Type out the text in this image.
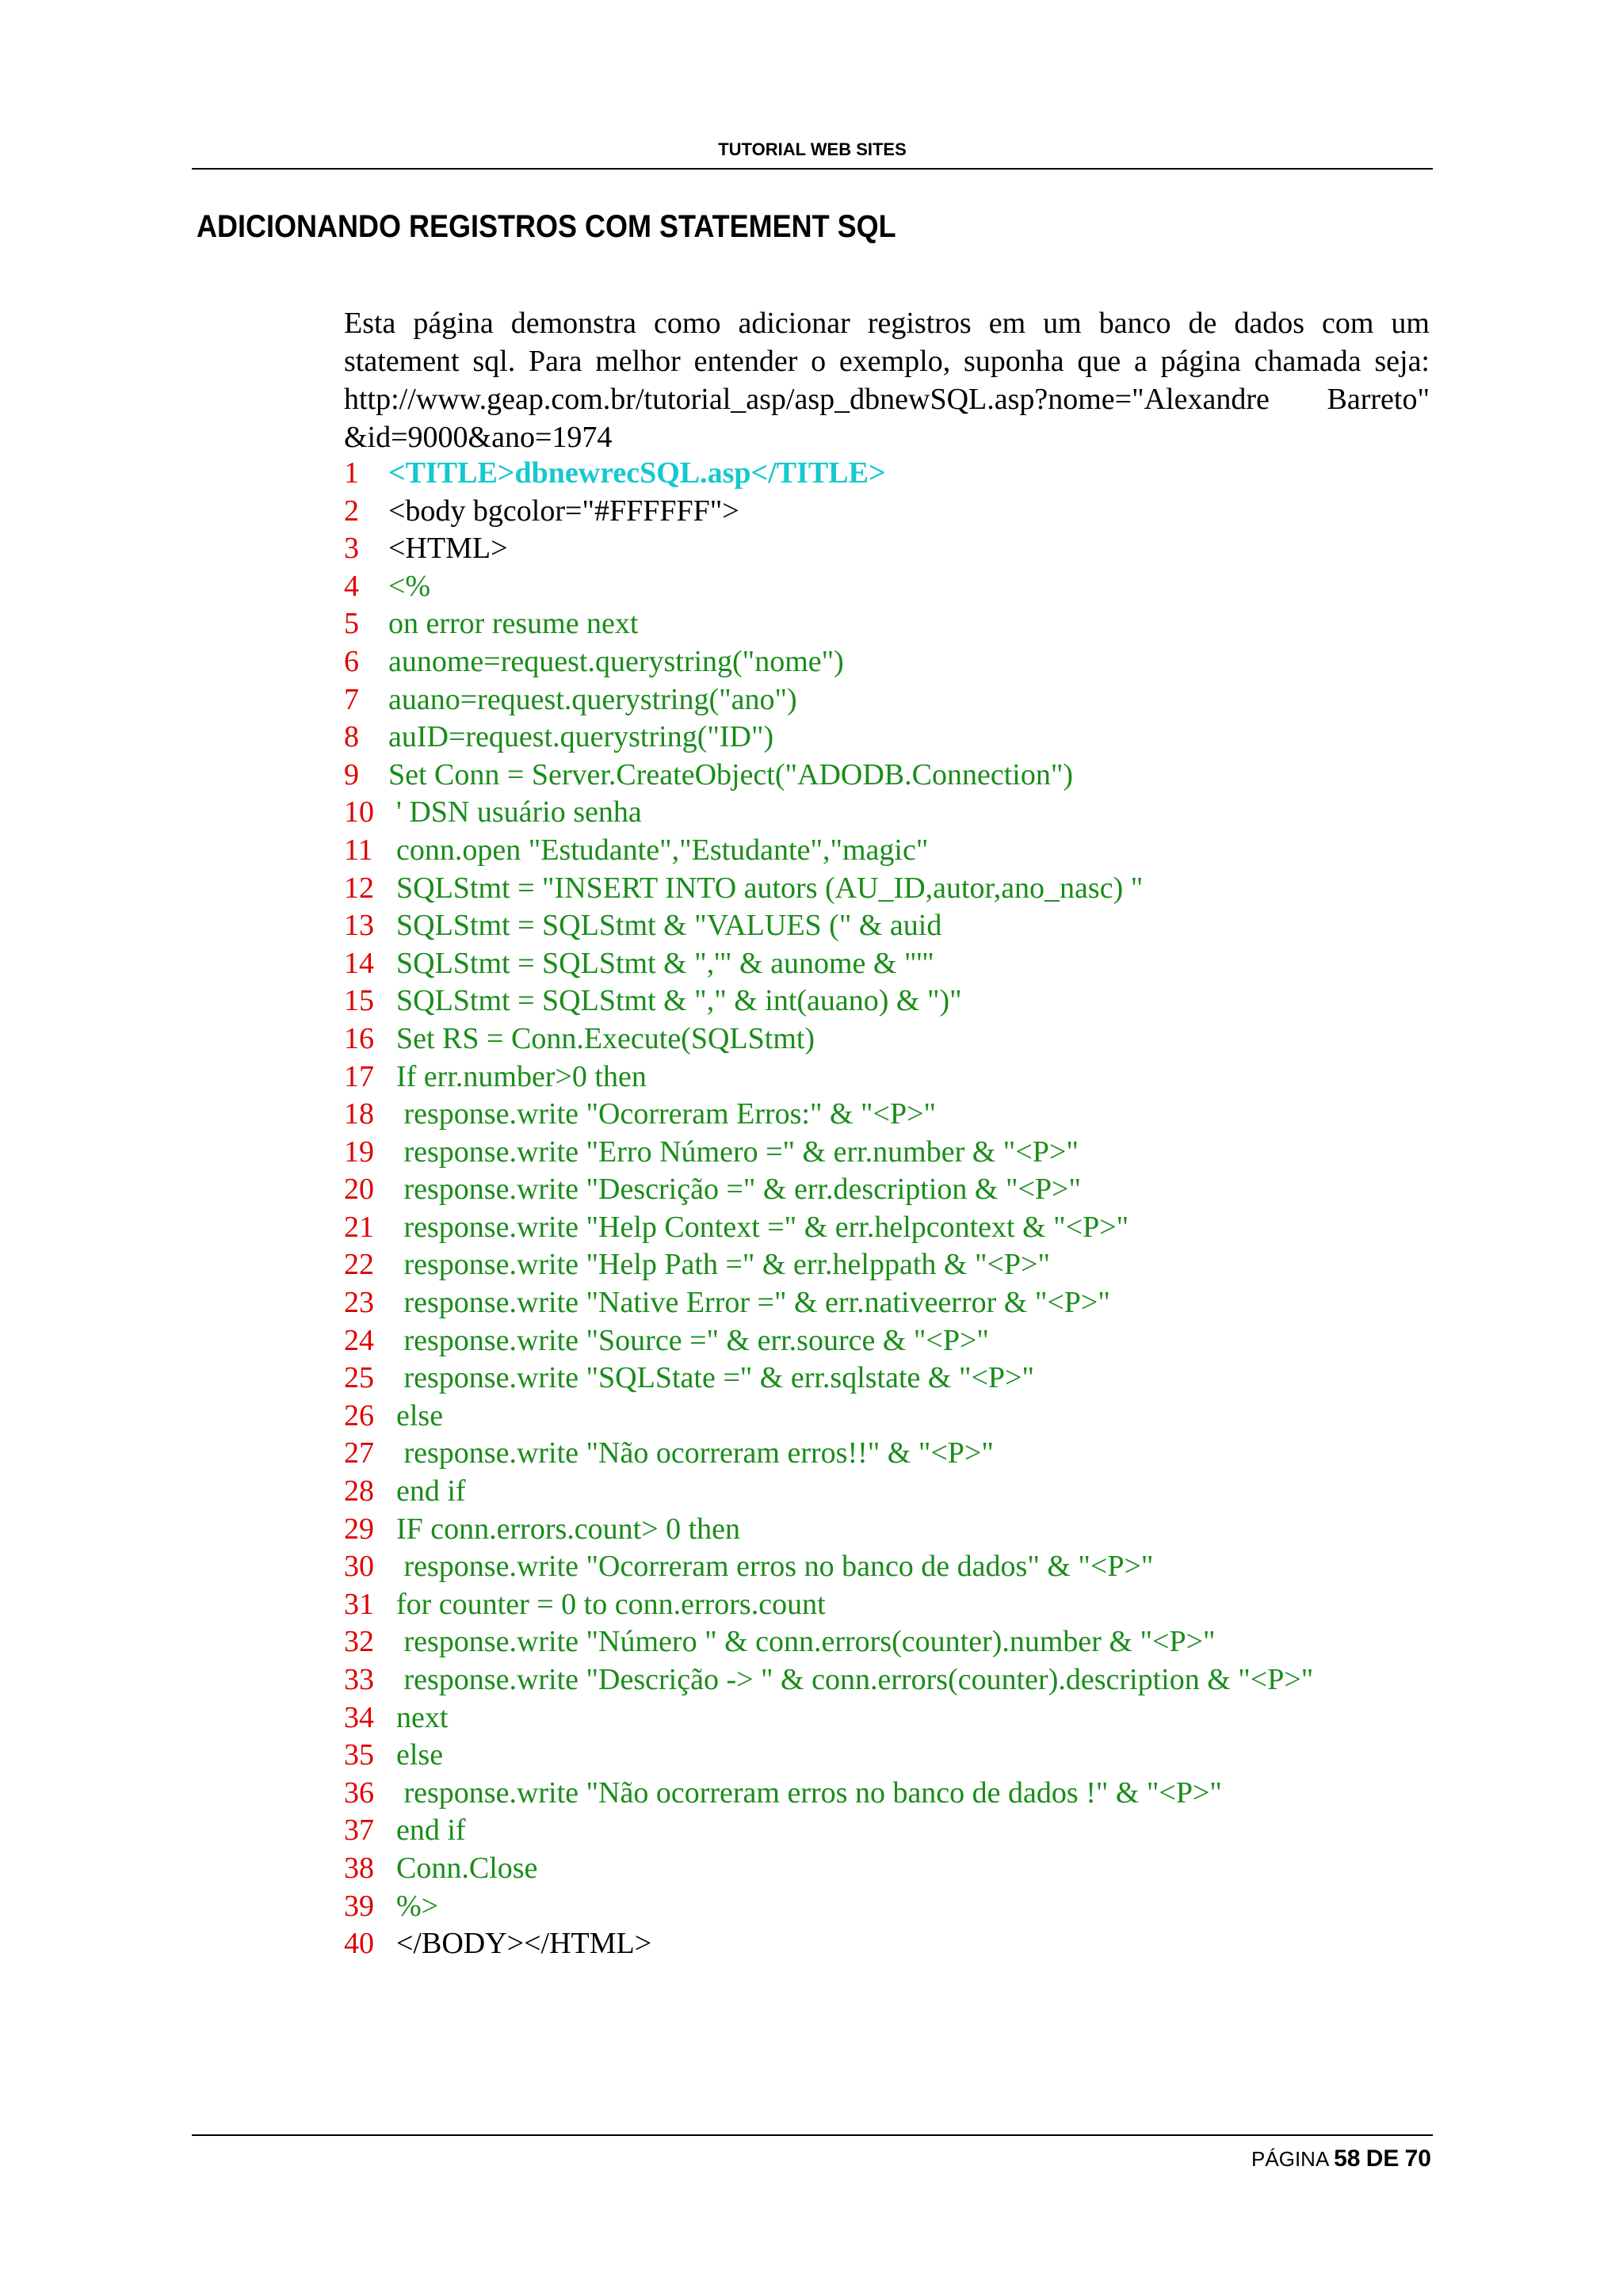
TUTORIAL WEB SITES
ADICIONANDO REGISTROS COM STATEMENT SQL
Esta página demonstra como adicionar registros em um banco de dados com um
statement sql. Para melhor entender o exemplo, suponha que a página chamada seja:
http://www.geap.com.br/tutorial_asp/asp_dbnewSQL.asp?nome="Alexandre Barreto"
&id=9000&ano=1974
1 <TITLE>dbnewrecSQL.asp</TITLE>
2 <body bgcolor="#FFFFFF">
3 <HTML>
4 <%
5 on error resume next
6 aunome=request.querystring("nome")
7 auano=request.querystring("ano")
8 auID=request.querystring("ID")
9 Set Conn = Server.CreateObject("ADODB.Connection")
10 ' DSN usuário senha
11 conn.open "Estudante","Estudante","magic"
12 SQLStmt = "INSERT INTO autors (AU_ID,autor,ano_nasc) "
13 SQLStmt = SQLStmt & "VALUES (" & auid
14 SQLStmt = SQLStmt & ",'" & aunome & "'"
15 SQLStmt = SQLStmt & "," & int(auano) & ")"
16 Set RS = Conn.Execute(SQLStmt)
17 If err.number>0 then
18 response.write "Ocorreram Erros:" & "<P>"
19 response.write "Erro Número =" & err.number & "<P>"
20 response.write "Descrição =" & err.description & "<P>"
21 response.write "Help Context =" & err.helpcontext & "<P>"
22 response.write "Help Path =" & err.helppath & "<P>"
23 response.write "Native Error =" & err.nativeerror & "<P>"
24 response.write "Source =" & err.source & "<P>"
25 response.write "SQLState =" & err.sqlstate & "<P>"
26 else
27 response.write "Não ocorreram erros!!" & "<P>"
28 end if
29 IF conn.errors.count> 0 then
30 response.write "Ocorreram erros no banco de dados" & "<P>"
31 for counter = 0 to conn.errors.count
32 response.write "Número " & conn.errors(counter).number & "<P>"
33 response.write "Descrição -> " & conn.errors(counter).description & "<P>"
34 next
35 else
36 response.write "Não ocorreram erros no banco de dados !" & "<P>"
37 end if
38 Conn.Close
39 %>
40 </BODY></HTML>
PÁGINA 58 DE 70
